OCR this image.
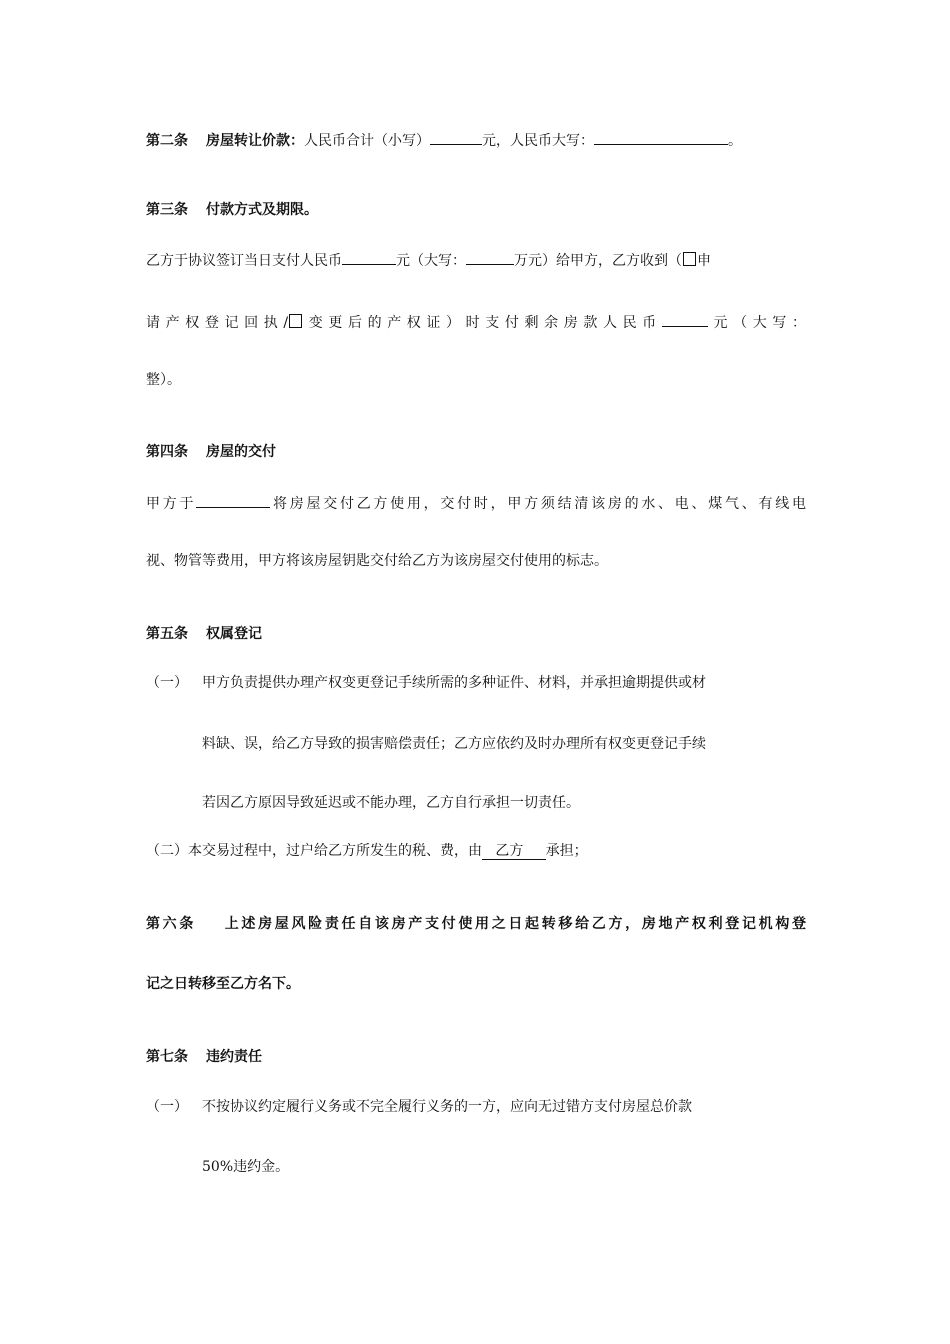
第二条 房屋转让价款：人民币合计（小写）	元，人民币大写：	。

第三条 付款方式及期限。

乙方于协议签订当日支付人民币	元（大写：	万元）给甲方，乙方收到（ 申

请产权登记回执/ 变更后的产权证）时支付剩余房款人民币	元（大写：

整）。

第四条 房屋的交付

甲方于	将房屋交付乙方使用，交付时，甲方须结清该房的水、电、煤气、有线电

视、物管等费用，甲方将该房屋钥匙交付给乙方为该房屋交付使用的标志。

第五条 权属登记

（一） 甲方负责提供办理产权变更登记手续所需的多种证件、材料，并承担逾期提供或材

料缺、误，给乙方导致的损害赔偿责任；乙方应依约及时办理所有权变更登记手续

若因乙方原因导致延迟或不能办理，乙方自行承担一切责任。

（二）本交易过程中，过户给乙方所发生的税、费，由 乙方 承担；

第六条 上述房屋风险责任自该房产支付使用之日起转移给乙方，房地产权利登记机构登

记之日转移至乙方名下。

第七条 违约责任

（一） 不按协议约定履行义务或不完全履行义务的一方，应向无过错方支付房屋总价款

50%违约金。
